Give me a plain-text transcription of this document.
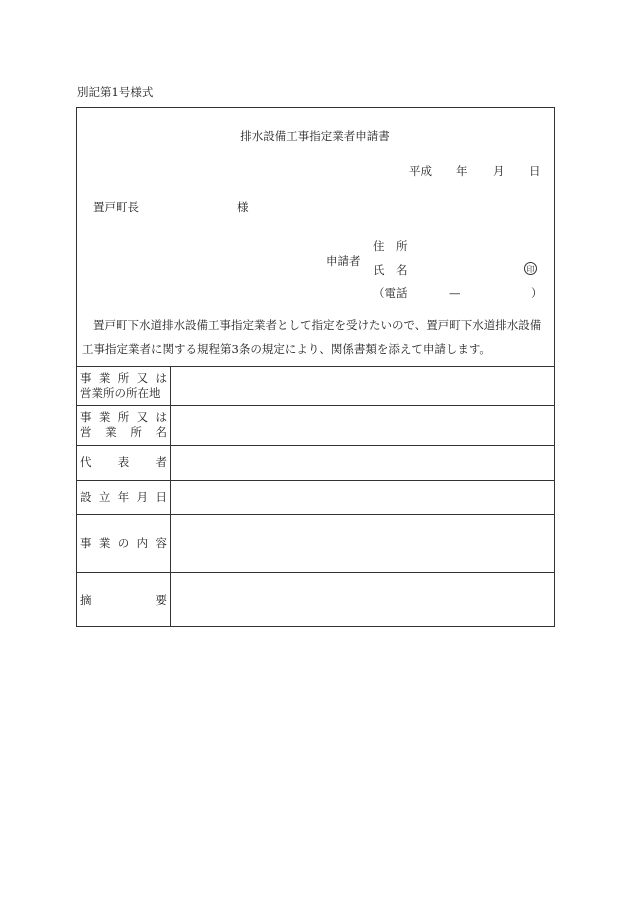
別記第1号様式
排水設備工事指定業者申請書
平成 年 月 日
置戸町長	様
申請者
住　所
氏　名	印
（電話	—	）
置戸町下水道排水設備工事指定業者として指定を受けたいので、置戸町下水道排水設備
工事指定業者に関する規程第3条の規定により、関係書類を添えて申請します。
事 業 所 又 は
営業所の所在地
事 業 所 又 は
営 業 所 名
代 表 者
設 立 年 月 日
事 業 の 内 容
摘	要
